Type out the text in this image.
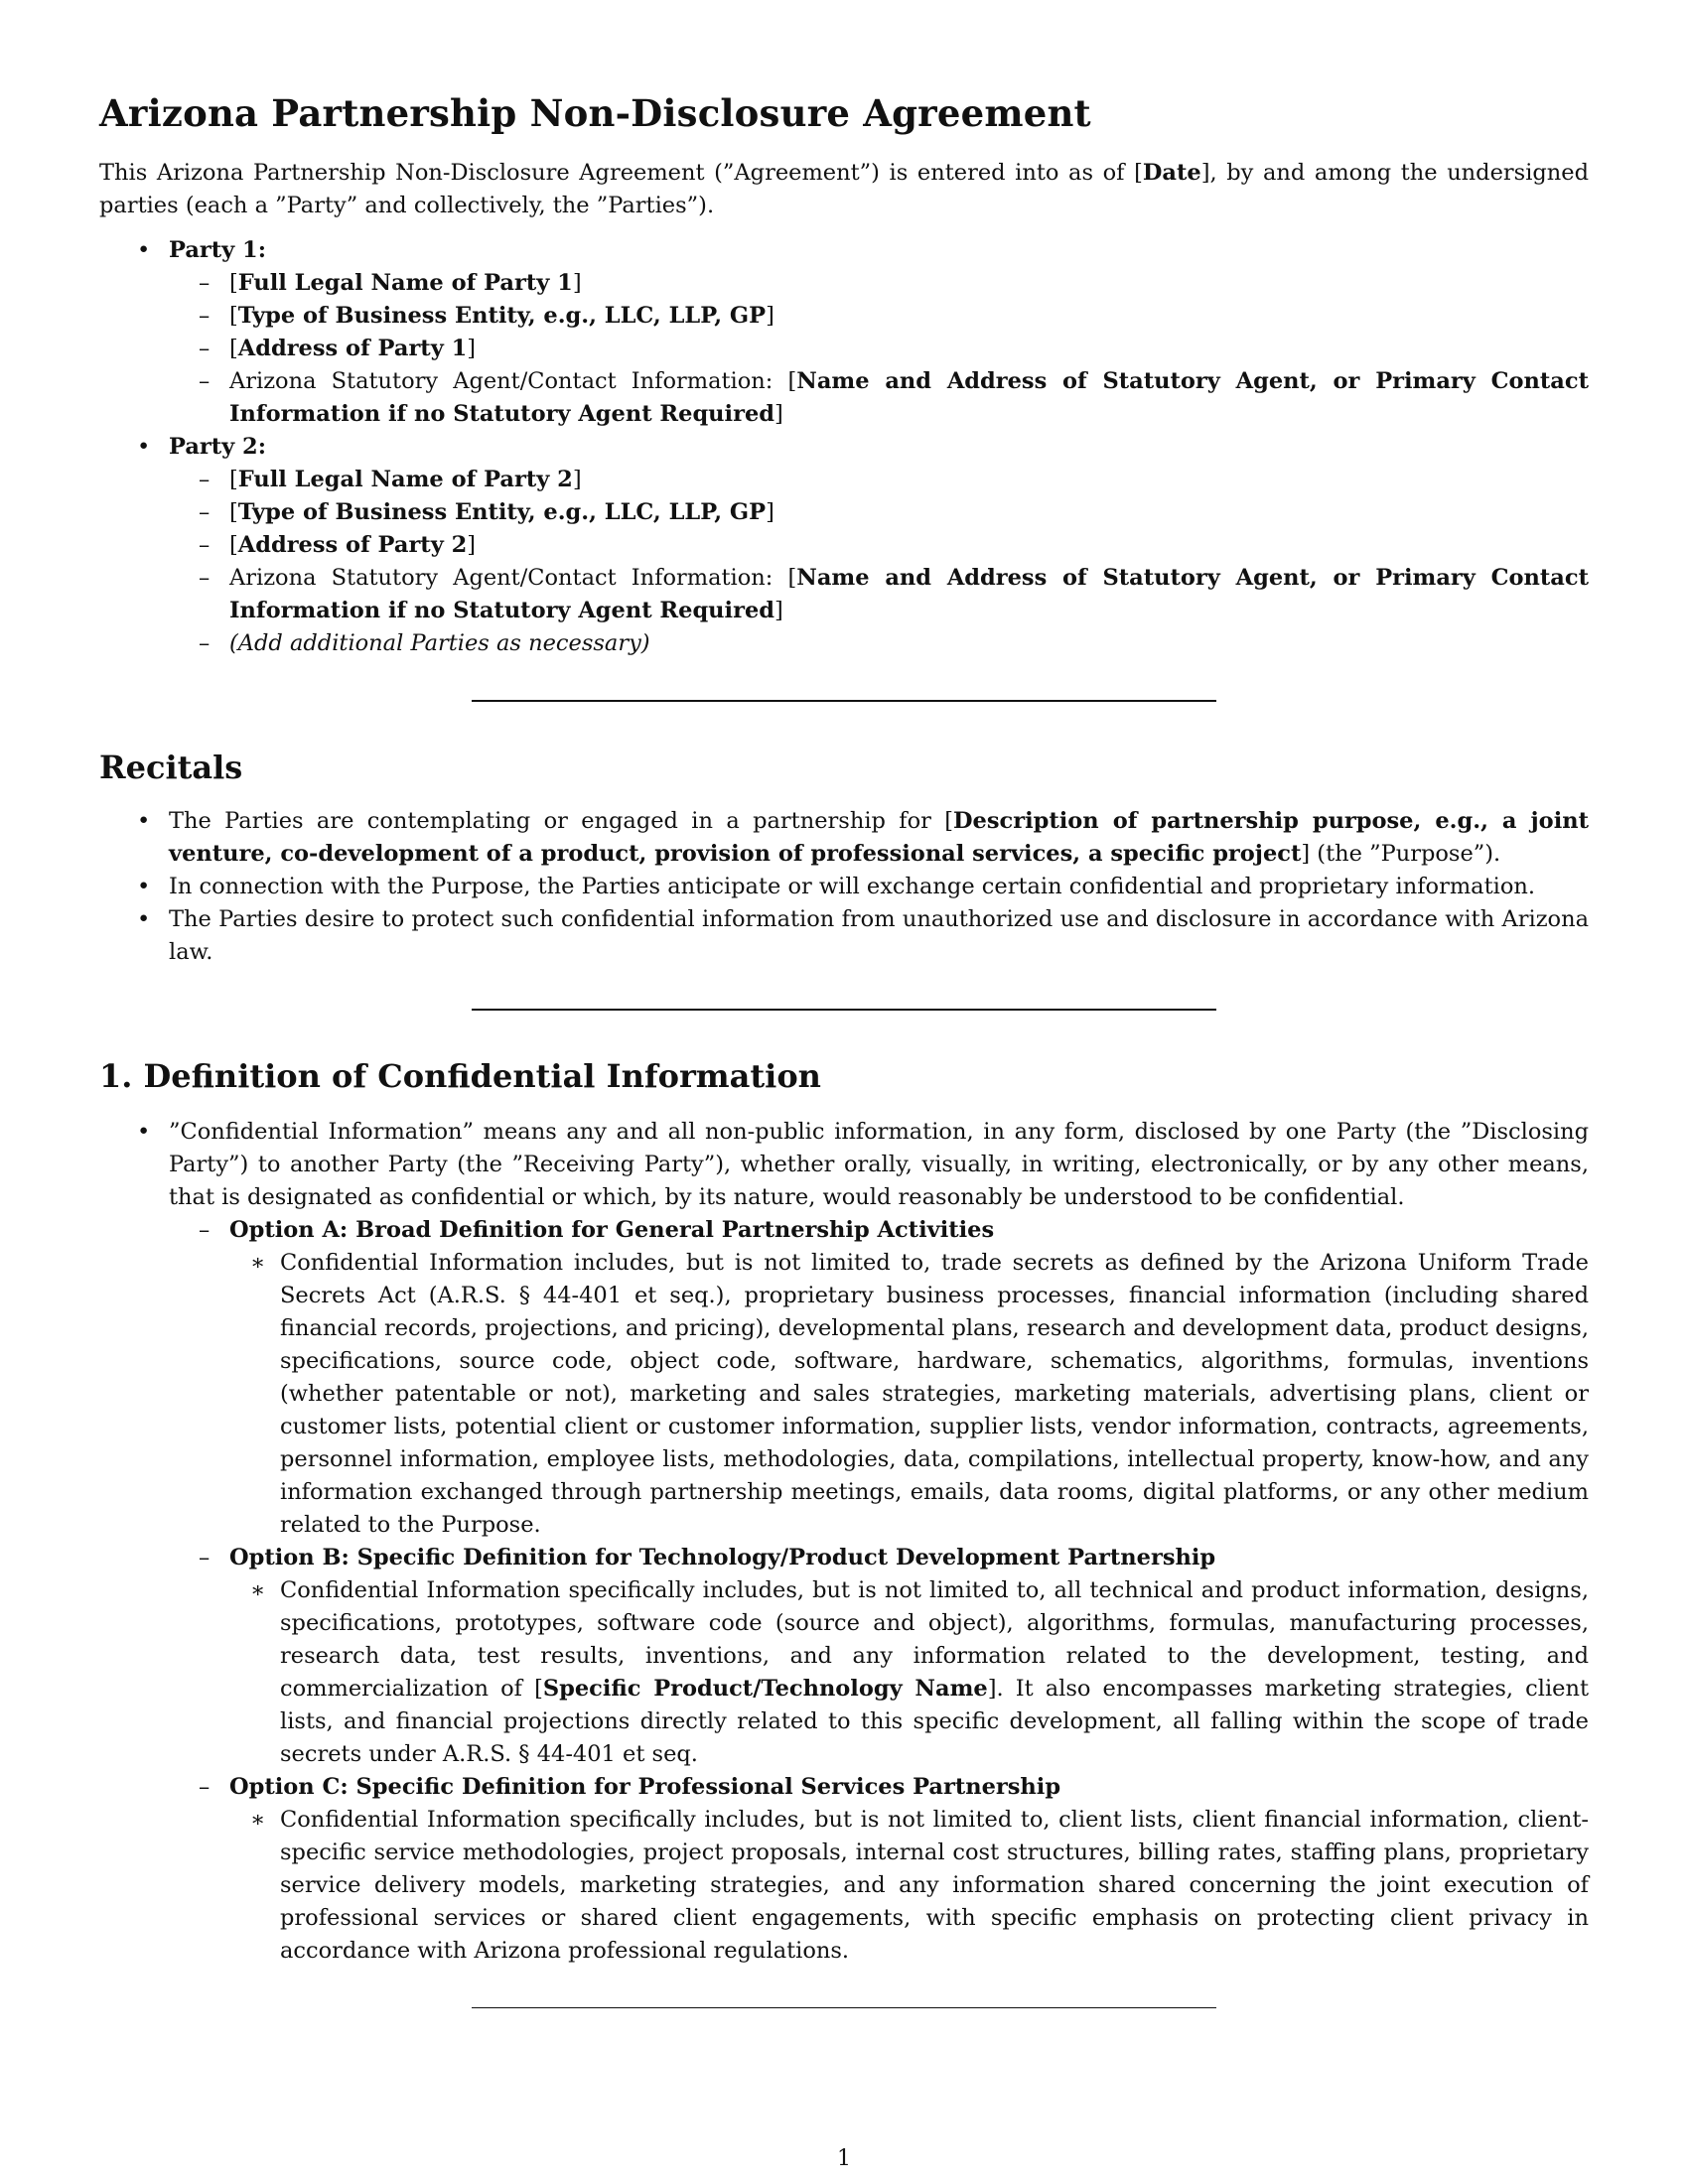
Arizona Partnership Non-Disclosure Agreement

This Arizona Partnership Non-Disclosure Agreement (”Agreement”) is entered into as of [Date], by and among the undersigned parties (each a ”Party” and collectively, the ”Parties”).

• Party 1:
– [Full Legal Name of Party 1]
– [Type of Business Entity, e.g., LLC, LLP, GP]
– [Address of Party 1]
– Arizona Statutory Agent/Contact Information: [Name and Address of Statutory Agent, or Primary Contact Information if no Statutory Agent Required]
• Party 2:
– [Full Legal Name of Party 2]
– [Type of Business Entity, e.g., LLC, LLP, GP]
– [Address of Party 2]
– Arizona Statutory Agent/Contact Information: [Name and Address of Statutory Agent, or Primary Contact Information if no Statutory Agent Required]
– (Add additional Parties as necessary)
Recitals
• The Parties are contemplating or engaged in a partnership for [Description of partnership purpose, e.g., a joint venture, co-development of a product, provision of professional services, a specific project] (the ”Purpose”).
• In connection with the Purpose, the Parties anticipate or will exchange certain confidential and proprietary information.
• The Parties desire to protect such confidential information from unauthorized use and disclosure in accordance with Arizona law.
1. Definition of Confidential Information
• ”Confidential Information” means any and all non-public information, in any form, disclosed by one Party (the ”Disclosing Party”) to another Party (the ”Receiving Party”), whether orally, visually, in writing, electronically, or by any other means, that is designated as confidential or which, by its nature, would reasonably be understood to be confidential.
– Option A: Broad Definition for General Partnership Activities
∗ Confidential Information includes, but is not limited to, trade secrets as defined by the Arizona Uniform Trade Secrets Act (A.R.S. § 44-401 et seq.), proprietary business processes, financial information (including shared financial records, projections, and pricing), developmental plans, research and development data, product designs, specifications, source code, object code, software, hardware, schematics, algorithms, formulas, inventions (whether patentable or not), marketing and sales strategies, marketing materials, advertising plans, client or customer lists, potential client or customer information, supplier lists, vendor information, contracts, agreements, personnel information, employee lists, methodologies, data, compilations, intellectual property, know-how, and any information exchanged through partnership meetings, emails, data rooms, digital platforms, or any other medium related to the Purpose.
– Option B: Specific Definition for Technology/Product Development Partnership
∗ Confidential Information specifically includes, but is not limited to, all technical and product information, designs, specifications, prototypes, software code (source and object), algorithms, formulas, manufacturing processes, research data, test results, inventions, and any information related to the development, testing, and commercialization of [Specific Product/Technology Name]. It also encompasses marketing strategies, client lists, and financial projections directly related to this specific development, all falling within the scope of trade secrets under A.R.S. § 44-401 et seq.
– Option C: Specific Definition for Professional Services Partnership
∗ Confidential Information specifically includes, but is not limited to, client lists, client financial information, client-specific service methodologies, project proposals, internal cost structures, billing rates, staffing plans, proprietary service delivery models, marketing strategies, and any information shared concerning the joint execution of professional services or shared client engagements, with specific emphasis on protecting client privacy in accordance with Arizona professional regulations.
1
